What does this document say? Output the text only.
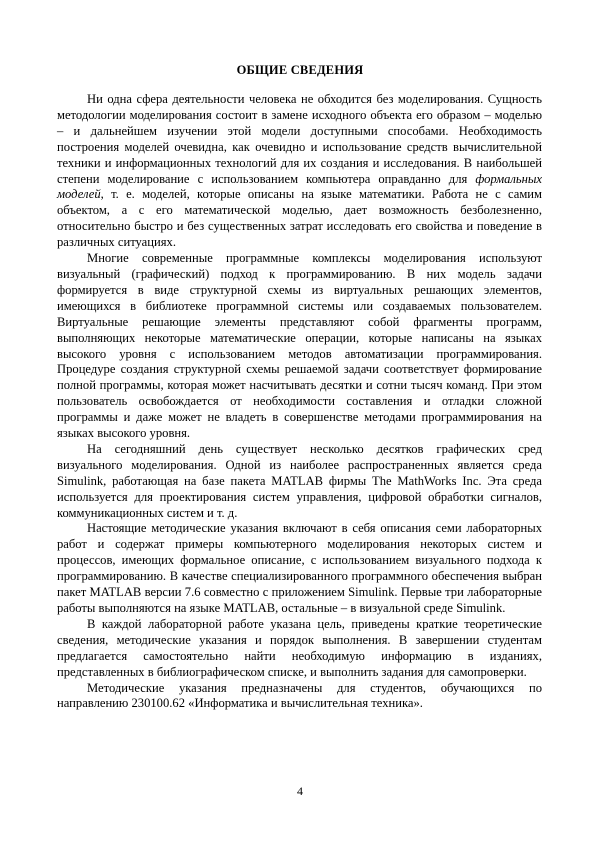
ОБЩИЕ СВЕДЕНИЯ

Ни одна сфера деятельности человека не обходится без моделирования. Сущность методологии моделирования состоит в замене исходного объекта его образом – моделью – и дальнейшем изучении этой модели доступными способами. Необходимость построения моделей очевидна, как очевидно и использование средств вычислительной техники и информационных технологий для их создания и исследования. В наибольшей степени моделирование с использованием компьютера оправданно для формальных моделей, т. е. моделей, которые описаны на языке математики. Работа не с самим объектом, а с его математической моделью, дает возможность безболезненно, относительно быстро и без существенных затрат исследовать его свойства и поведение в различных ситуациях.

Многие современные программные комплексы моделирования используют визуальный (графический) подход к программированию. В них модель задачи формируется в виде структурной схемы из виртуальных решающих элементов, имеющихся в библиотеке программной системы или создаваемых пользователем. Виртуальные решающие элементы представляют собой фрагменты программ, выполняющих некоторые математические операции, которые написаны на языках высокого уровня с использованием методов автоматизации программирования. Процедуре создания структурной схемы решаемой задачи соответствует формирование полной программы, которая может насчитывать десятки и сотни тысяч команд. При этом пользователь освобождается от необходимости составления и отладки сложной программы и даже может не владеть в совершенстве методами программирования на языках высокого уровня.

На сегодняшний день существует несколько десятков графических сред визуального моделирования. Одной из наиболее распространенных является среда Simulink, работающая на базе пакета MATLAB фирмы The MathWorks Inc. Эта среда используется для проектирования систем управления, цифровой обработки сигналов, коммуникационных систем и т. д.

Настоящие методические указания включают в себя описания семи лабораторных работ и содержат примеры компьютерного моделирования некоторых систем и процессов, имеющих формальное описание, с использованием визуального подхода к программированию. В качестве специализированного программного обеспечения выбран пакет MATLAB версии 7.6 совместно с приложением Simulink. Первые три лабораторные работы выполняются на языке MATLAB, остальные – в визуальной среде Simulink.

В каждой лабораторной работе указана цель, приведены краткие теоретические сведения, методические указания и порядок выполнения. В завершении студентам предлагается самостоятельно найти необходимую информацию в изданиях, представленных в библиографическом списке, и выполнить задания для самопроверки.

Методические указания предназначены для студентов, обучающихся по направлению 230100.62 «Информатика и вычислительная техника».

4
